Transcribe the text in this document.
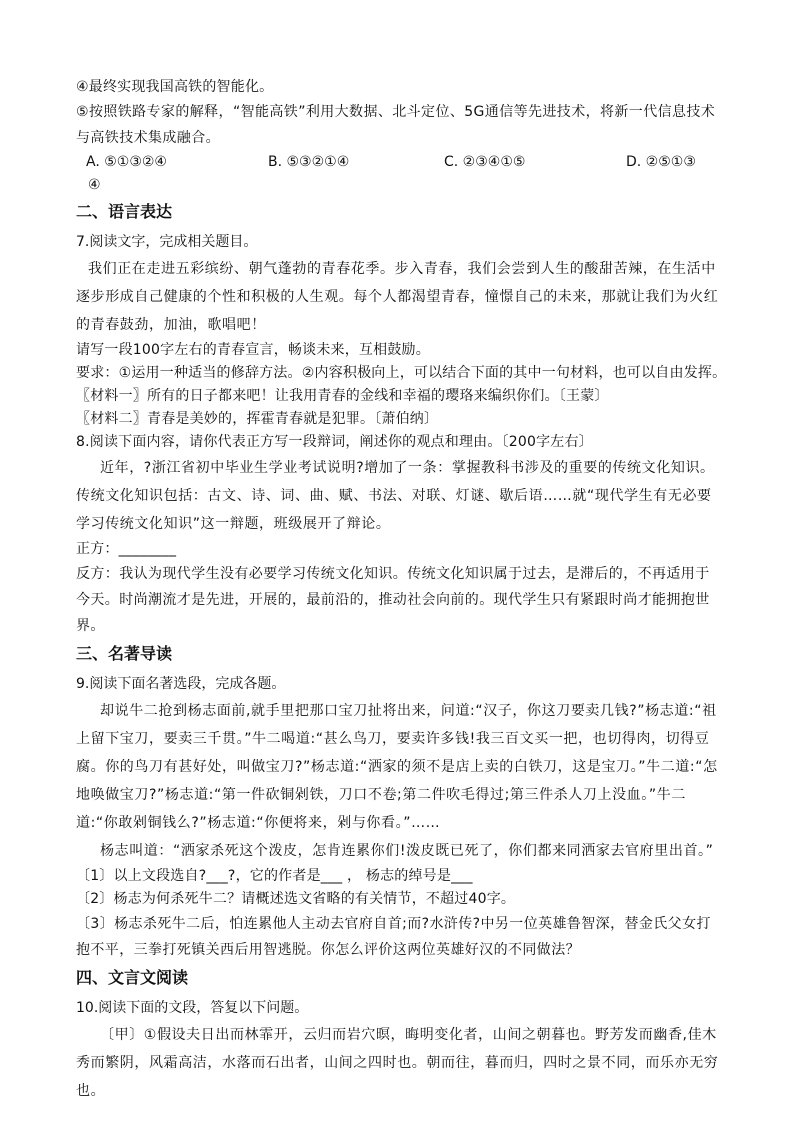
④最终实现我国高铁的智能化。
⑤按照铁路专家的解释，“智能高铁”利用大数据、北斗定位、5G通信等先进技术，将新一代信息技术与高铁技术集成融合。
A. ⑤①③②④	B. ⑤③②①④	C. ②③④①⑤	D. ②⑤①③
④
二、语言表达
7.阅读文字，完成相关题目。
我们正在走进五彩缤纷、朝气蓬勃的青春花季。步入青春，我们会尝到人生的酸甜苦辣，在生活中逐步形成自己健康的个性和积极的人生观。每个人都渴望青春，憧憬自己的未来，那就让我们为火红的青春鼓劲，加油，歌唱吧！
请写一段100字左右的青春宣言，畅谈未来，互相鼓励。
要求：①运用一种适当的修辞方法。②内容积极向上，可以结合下面的其中一句材料，也可以自由发挥。
〖材料一〗所有的日子都来吧！让我用青春的金线和幸福的璎珞来编织你们。〔王蒙〕
〖材料二〗青春是美妙的，挥霍青春就是犯罪。〔萧伯纳〕
8.阅读下面内容，请你代表正方写一段辩词，阐述你的观点和理由。〔200字左右〕
近年，?浙江省初中毕业生学业考试说明?增加了一条：掌握教科书涉及的重要的传统文化知识。传统文化知识包括：古文、诗、词、曲、赋、书法、对联、灯谜、歇后语……就“现代学生有无必要学习传统文化知识”这一辩题，班级展开了辩论。
正方：________
反方：我认为现代学生没有必要学习传统文化知识。传统文化知识属于过去，是滞后的，不再适用于今天。时尚潮流才是先进，开展的，最前沿的，推动社会向前的。现代学生只有紧跟时尚才能拥抱世界。
三、名著导读
9.阅读下面名著选段，完成各题。
却说牛二抢到杨志面前,就手里把那口宝刀扯将出来，问道:“汉子，你这刀要卖几钱?”杨志道:“祖上留下宝刀，要卖三千贯。”牛二喝道:“甚么鸟刀，要卖许多钱!我三百文买一把，也切得肉，切得豆腐。你的鸟刀有甚好处，叫做宝刀?”杨志道:“洒家的须不是店上卖的白铁刀，这是宝刀。”牛二道:“怎地唤做宝刀?”杨志道:“第一件砍铜剁铁，刀口不卷;第二件吹毛得过;第三件杀人刀上没血。”牛二道:“你敢剁铜钱么?”杨志道:“你便将来，剁与你看。”……
杨志叫道：“洒家杀死这个泼皮，怎肯连累你们!泼皮既已死了，你们都来同洒家去官府里出首。”
〔1〕以上文段选自?___?，它的作者是___ ， 杨志的绰号是___
〔2〕杨志为何杀死牛二？请概述选文省略的有关情节，不超过40字。
〔3〕杨志杀死牛二后，怕连累他人主动去官府自首;而?水浒传?中另一位英雄鲁智深，替金氏父女打抱不平，三拳打死镇关西后用智逃脱。你怎么评价这两位英雄好汉的不同做法？
四、文言文阅读
10.阅读下面的文段，答复以下问题。
〔甲〕①假设夫日出而林霏开，云归而岩穴暝，晦明变化者，山间之朝暮也。野芳发而幽香,佳木秀而繁阴，风霜高洁，水落而石出者，山间之四时也。朝而往，暮而归，四时之景不同，而乐亦无穷也。
